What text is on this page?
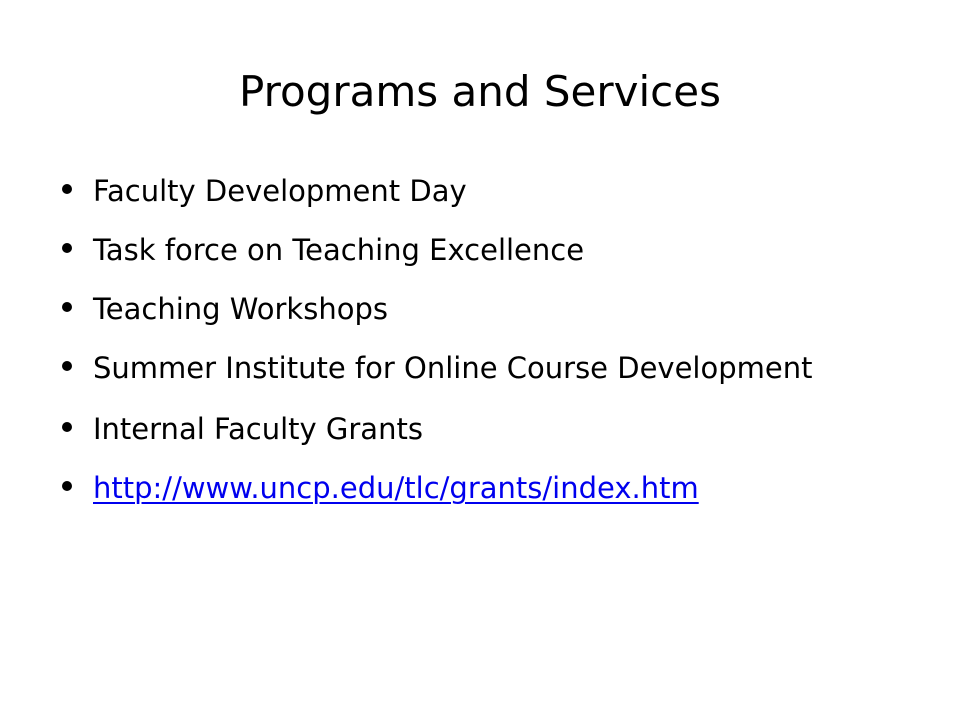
Programs and Services
Faculty Development Day
Task force on Teaching Excellence
Teaching Workshops
Summer Institute for Online Course Development
Internal Faculty Grants
http://www.uncp.edu/tlc/grants/index.htm
